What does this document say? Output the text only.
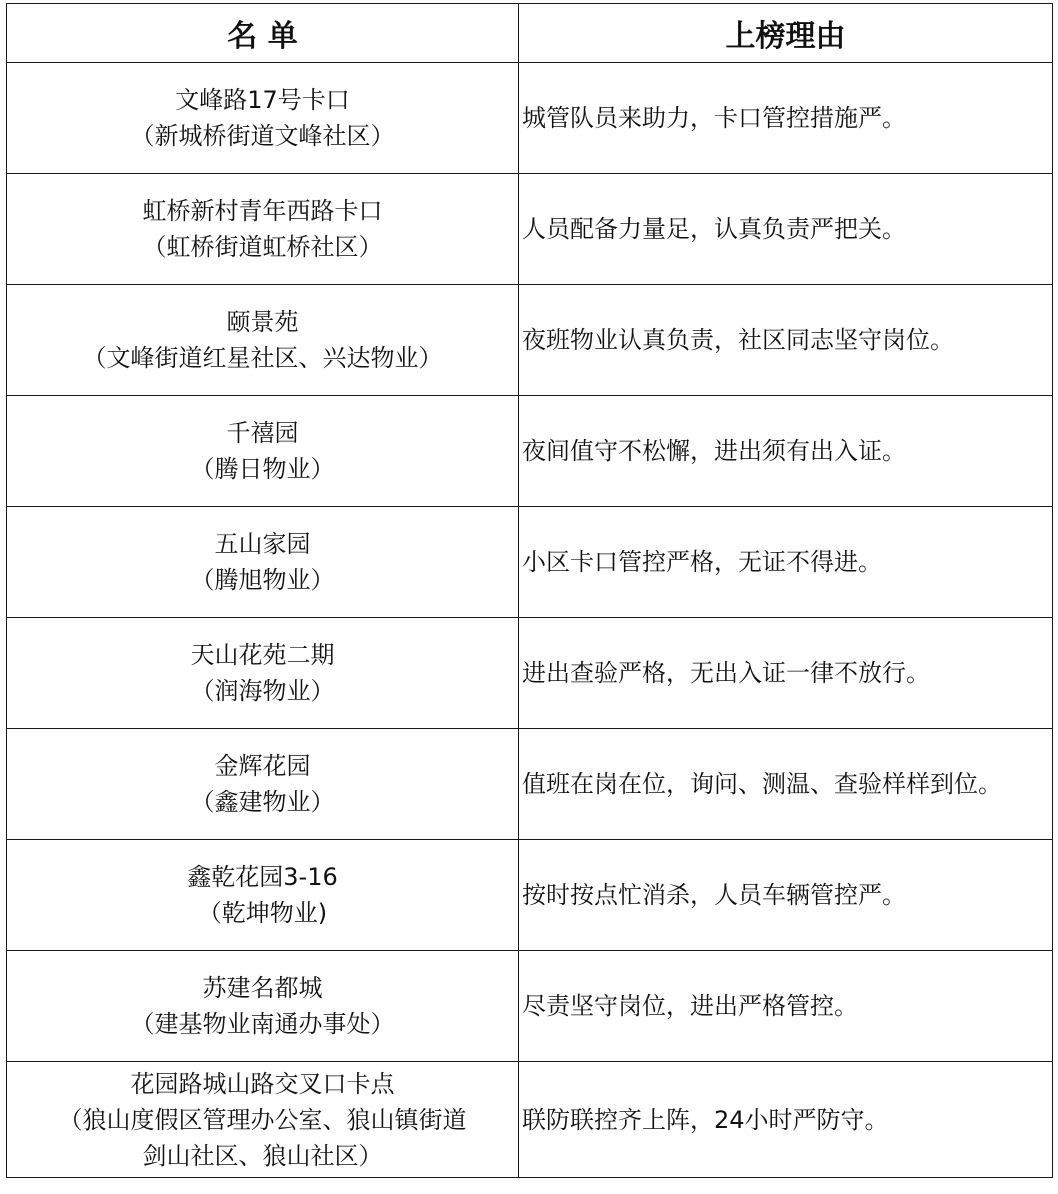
名 单	上榜理由

文峰路17号卡口
（新城桥街道文峰社区）	城管队员来助力，卡口管控措施严。

虹桥新村青年西路卡口
（虹桥街道虹桥社区）	人员配备力量足，认真负责严把关。

颐景苑
（文峰街道红星社区、兴达物业）	夜班物业认真负责，社区同志坚守岗位。

千禧园
（腾日物业）	夜间值守不松懈，进出须有出入证。

五山家园
（腾旭物业）	小区卡口管控严格，无证不得进。

天山花苑二期
（润海物业）	进出查验严格，无出入证一律不放行。

金辉花园
（鑫建物业）	值班在岗在位，询问、测温、查验样样到位。

鑫乾花园3-16
（乾坤物业)	按时按点忙消杀，人员车辆管控严。

苏建名都城
（建基物业南通办事处）	尽责坚守岗位，进出严格管控。

花园路城山路交叉口卡点
（狼山度假区管理办公室、狼山镇街道
剑山社区、狼山社区）	联防联控齐上阵，24小时严防守。
